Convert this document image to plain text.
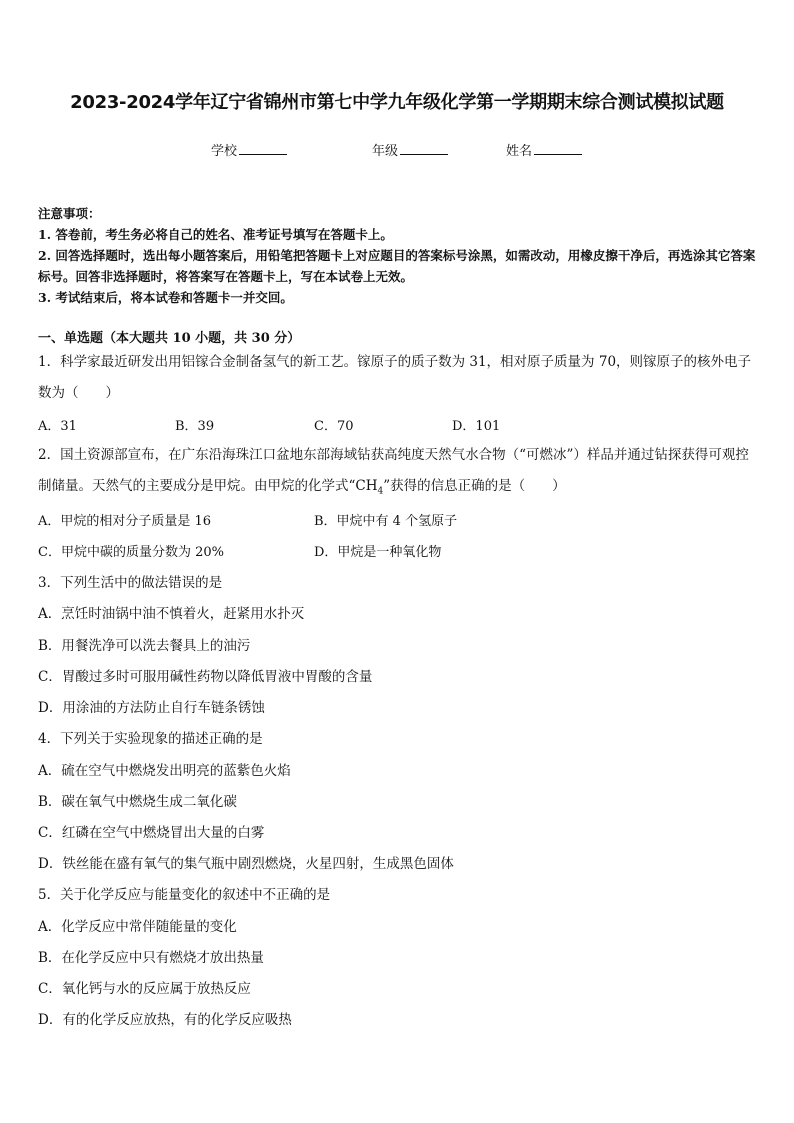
2023-2024学年辽宁省锦州市第七中学九年级化学第一学期期末综合测试模拟试题
学校	年级	姓名
注意事项：
1. 答卷前，考生务必将自己的姓名、准考证号填写在答题卡上。
2. 回答选择题时，选出每小题答案后，用铅笔把答题卡上对应题目的答案标号涂黑，如需改动，用橡皮擦干净后，再选涂其它答案标号。回答非选择题时，将答案写在答题卡上，写在本试卷上无效。
3. 考试结束后，将本试卷和答题卡一并交回。
一、单选题（本大题共 10 小题，共 30 分）
1．科学家最近研发出用铝镓合金制备氢气的新工艺。镓原子的质子数为 31，相对原子质量为 70，则镓原子的核外电子数为（　　）
A．31	B．39	C．70	D．101
2．国土资源部宣布，在广东沿海珠江口盆地东部海域钻获高纯度天然气水合物（“可燃冰”）样品并通过钻探获得可观控制储量。天然气的主要成分是甲烷。由甲烷的化学式“$CH_4$”获得的信息正确的是（　　）
A．甲烷的相对分子质量是 16	B．甲烷中有 4 个氢原子
C．甲烷中碳的质量分数为 20%	D．甲烷是一种氧化物
3．下列生活中的做法错误的是
A．烹饪时油锅中油不慎着火，赶紧用水扑灭
B．用餐洗净可以洗去餐具上的油污
C．胃酸过多时可服用碱性药物以降低胃液中胃酸的含量
D．用涂油的方法防止自行车链条锈蚀
4．下列关于实验现象的描述正确的是
A．硫在空气中燃烧发出明亮的蓝紫色火焰
B．碳在氧气中燃烧生成二氧化碳
C．红磷在空气中燃烧冒出大量的白雾
D．铁丝能在盛有氧气的集气瓶中剧烈燃烧，火星四射，生成黑色固体
5．关于化学反应与能量变化的叙述中不正确的是
A．化学反应中常伴随能量的变化
B．在化学反应中只有燃烧才放出热量
C．氧化钙与水的反应属于放热反应
D．有的化学反应放热，有的化学反应吸热
